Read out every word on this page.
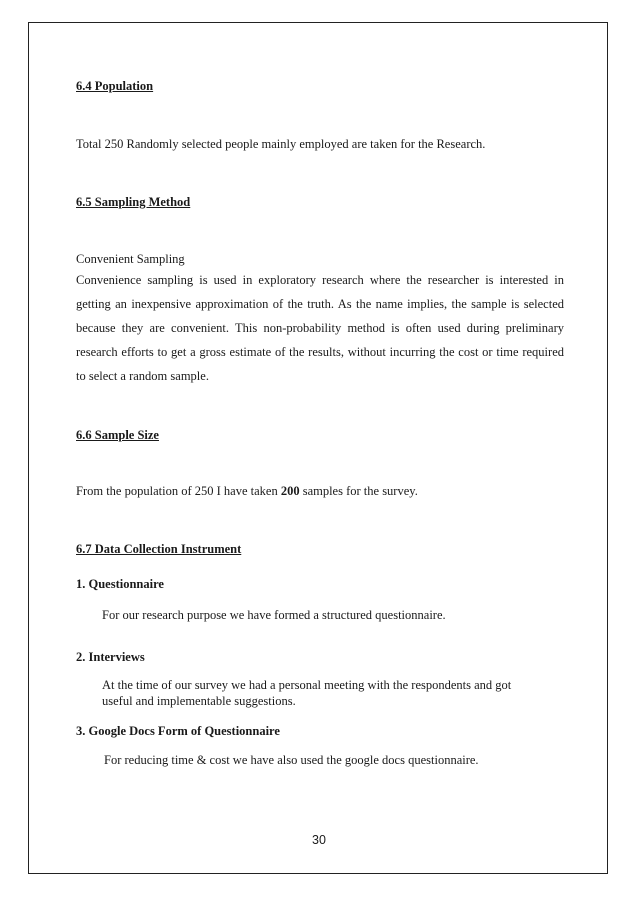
6.4 Population

Total 250 Randomly selected people mainly employed are taken for the Research.

6.5 Sampling Method

Convenient Sampling

Convenience sampling is used in exploratory research where the researcher is interested in getting an inexpensive approximation of the truth. As the name implies, the sample is selected because they are convenient. This non-probability method is often used during preliminary research efforts to get a gross estimate of the results, without incurring the cost or time required to select a random sample.

6.6 Sample Size

From the population of 250 I have taken 200 samples for the survey.

6.7 Data Collection Instrument

1. Questionnaire

For our research purpose we have formed a structured questionnaire.

2. Interviews

At the time of our survey we had a personal meeting with the respondents and got useful and implementable suggestions.

3. Google Docs Form of Questionnaire

For reducing time & cost we have also used the google docs questionnaire.

30
